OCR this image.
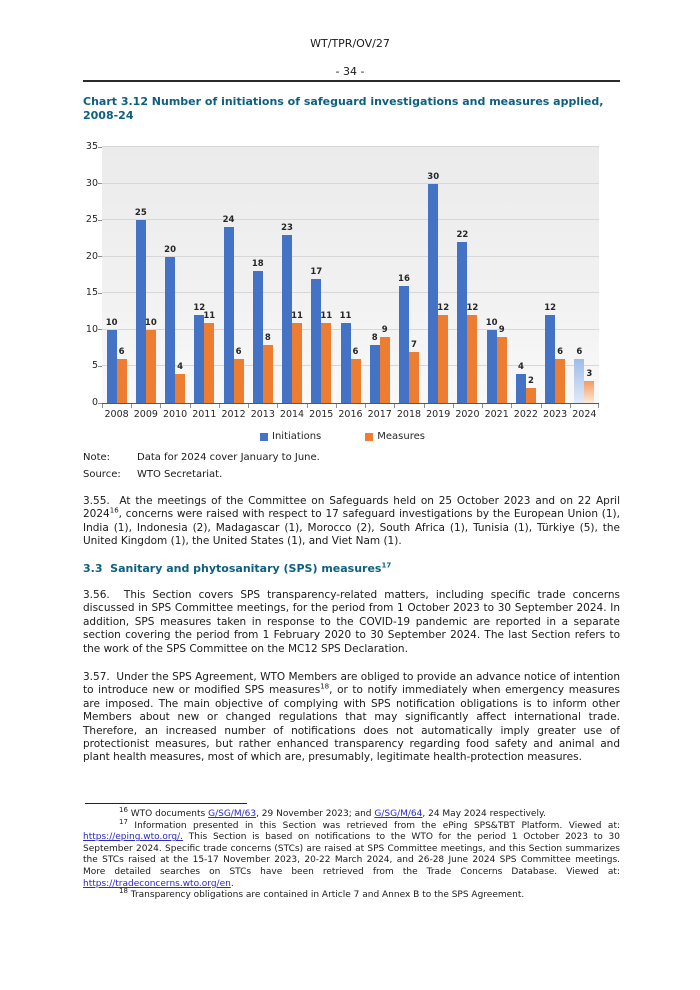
WT/TPR/OV/27
- 34 -
Chart 3.12 Number of initiations of safeguard investigations and measures applied,
2008-24
10
6
25
10
20
4
12
11
24
6
18
8
23
11
17
11 11
6
8
9
16
7
30
12
22
12
10
9
4
2
12
6	6
3
2008 2009 2010 2011 2012 2013 2014 2015 2016 2017 2018 2019 2020 2021 2022 2023 2024
Initiations	Measures
0
5
10
15
20
25
30
35
Note:	Data for 2024 cover January to June.
Source: WTO Secretariat.
3.55.  At the meetings of the Committee on Safeguards held on 25 October 2023 and on 22 April 2024$^{16}$, concerns were raised with respect to 17 safeguard investigations by the European Union (1), India (1), Indonesia (2), Madagascar (1), Morocco (2), South Africa (1), Tunisia (1), Türkiye (5), the United Kingdom (1), the United States (1), and Viet Nam (1).
3.3  Sanitary and phytosanitary (SPS) measures$^{17}$
3.56.  This Section covers SPS transparency-related matters, including specific trade concerns discussed in SPS Committee meetings, for the period from 1 October 2023 to 30 September 2024. In addition, SPS measures taken in response to the COVID-19 pandemic are reported in a separate section covering the period from 1 February 2020 to 30 September 2024. The last Section refers to the work of the SPS Committee on the MC12 SPS Declaration.
3.57.  Under the SPS Agreement, WTO Members are obliged to provide an advance notice of intention to introduce new or modified SPS measures$^{18}$, or to notify immediately when emergency measures are imposed. The main objective of complying with SPS notification obligations is to inform other Members about new or changed regulations that may significantly affect international trade. Therefore, an increased number of notifications does not automatically imply greater use of protectionist measures, but rather enhanced transparency regarding food safety and animal and plant health measures, most of which are, presumably, legitimate health-protection measures.

$^{16}$ WTO documents G/SG/M/63, 29 November 2023; and G/SG/M/64, 24 May 2024 respectively.

$^{17}$ Information presented in this Section was retrieved from the ePing SPS&TBT Platform. Viewed at: https://eping.wto.org/. This Section is based on notifications to the WTO for the period 1 October 2023 to 30 September 2024. Specific trade concerns (STCs) are raised at SPS Committee meetings, and this Section summarizes the STCs raised at the 15-17 November 2023, 20-22 March 2024, and 26-28 June 2024 SPS Committee meetings. More detailed searches on STCs have been retrieved from the Trade Concerns Database. Viewed at: https://tradeconcerns.wto.org/en.

$^{18}$ Transparency obligations are contained in Article 7 and Annex B to the SPS Agreement.
